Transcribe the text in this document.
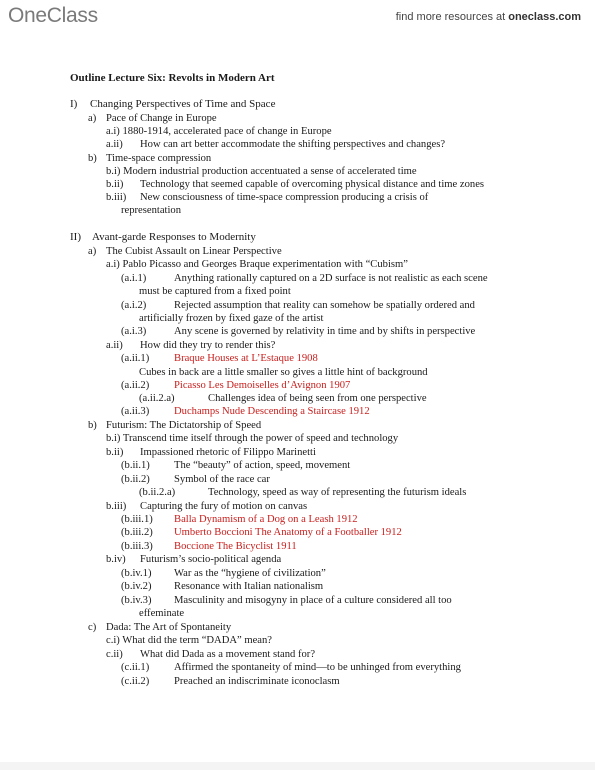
OneClass	find more resources at oneclass.com
Outline Lecture Six: Revolts in Modern Art
I) Changing Perspectives of Time and Space
a) Pace of Change in Europe
a.i) 1880-1914, accelerated pace of change in Europe
a.ii) How can art better accommodate the shifting perspectives and changes?
b) Time-space compression
b.i) Modern industrial production accentuated a sense of accelerated time
b.ii) Technology that seemed capable of overcoming physical distance and time zones
b.iii) New consciousness of time-space compression producing a crisis of
representation
II) Avant-garde Responses to Modernity
a) The Cubist Assault on Linear Perspective
a.i) Pablo Picasso and Georges Braque experimentation with “Cubism”
(a.i.1)	Anything rationally captured on a 2D surface is not realistic as each scene
must be captured from a fixed point
(a.i.2)	Rejected assumption that reality can somehow be spatially ordered and
artificially frozen by fixed gaze of the artist
(a.i.3)	Any scene is governed by relativity in time and by shifts in perspective
a.ii) How did they try to render this?
(a.ii.1) Braque Houses at L’Estaque 1908
Cubes in back are a little smaller so gives a little hint of background
(a.ii.2) Picasso Les Demoiselles d’Avignon 1907
(a.ii.2.a)	Challenges idea of being seen from one perspective
(a.ii.3) Duchamps Nude Descending a Staircase 1912
b) Futurism: The Dictatorship of Speed
b.i) Transcend time itself through the power of speed and technology
b.ii) Impassioned rhetoric of Filippo Marinetti
(b.ii.1) The “beauty” of action, speed, movement
(b.ii.2) Symbol of the race car
(b.ii.2.a)	Technology, speed as way of representing the futurism ideals
b.iii) Capturing the fury of motion on canvas
(b.iii.1) Balla Dynamism of a Dog on a Leash 1912
(b.iii.2) Umberto Boccioni The Anatomy of a Footballer 1912
(b.iii.3) Boccione The Bicyclist 1911
b.iv) Futurism’s socio-political agenda
(b.iv.1) War as the “hygiene of civilization”
(b.iv.2) Resonance with Italian nationalism
(b.iv.3) Masculinity and misogyny in place of a culture considered all too
effeminate
c) Dada: The Art of Spontaneity
c.i) What did the term “DADA” mean?
c.ii) What did Dada as a movement stand for?
(c.ii.1) Affirmed the spontaneity of mind—to be unhinged from everything
(c.ii.2) Preached an indiscriminate iconoclasm
